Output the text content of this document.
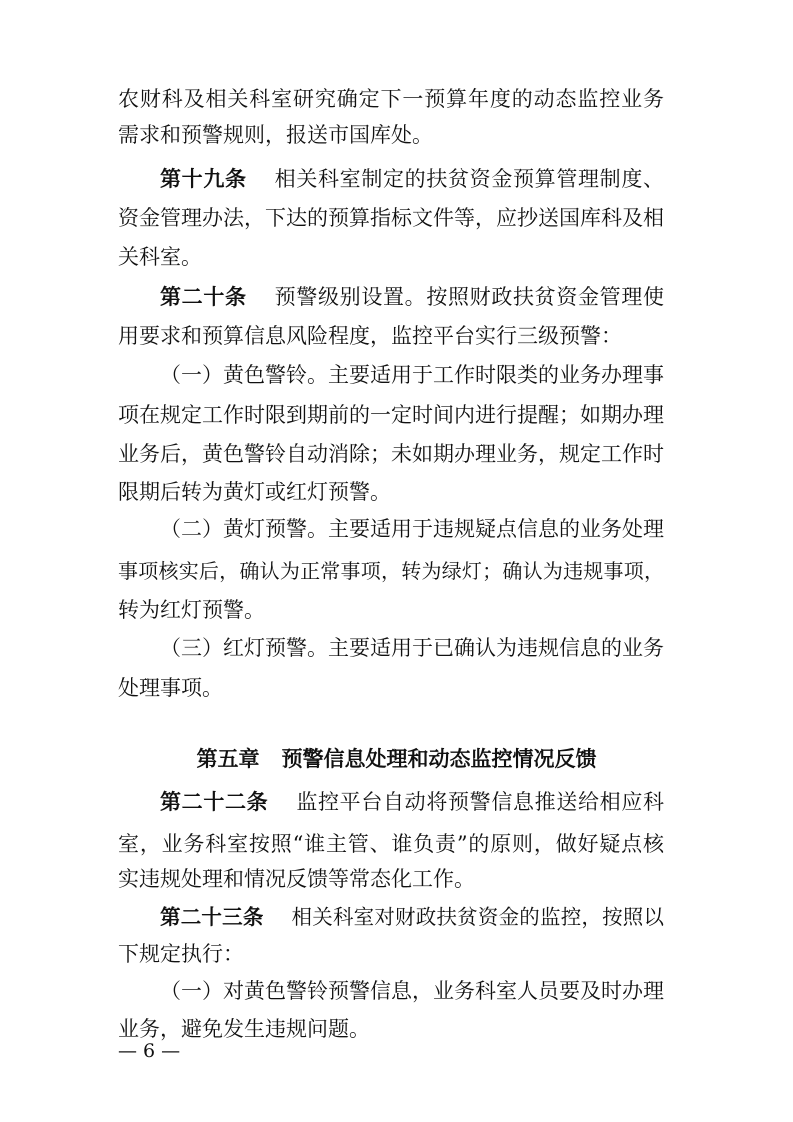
农财科及相关科室研究确定下一预算年度的动态监控业务
需求和预警规则，报送市国库处。
第十九条 相关科室制定的扶贫资金预算管理制度、
资金管理办法，下达的预算指标文件等，应抄送国库科及相
关科室。
第二十条 预警级别设置。按照财政扶贫资金管理使
用要求和预算信息风险程度，监控平台实行三级预警：
（一）黄色警铃。主要适用于工作时限类的业务办理事
项在规定工作时限到期前的一定时间内进行提醒；如期办理
业务后，黄色警铃自动消除；未如期办理业务，规定工作时
限期后转为黄灯或红灯预警。
（二）黄灯预警。主要适用于违规疑点信息的业务处理
事项核实后，确认为正常事项，转为绿灯；确认为违规事项，
转为红灯预警。
（三）红灯预警。主要适用于已确认为违规信息的业务
处理事项。
第五章 预警信息处理和动态监控情况反馈
第二十二条 监控平台自动将预警信息推送给相应科
室，业务科室按照“谁主管、谁负责”的原则，做好疑点核
实违规处理和情况反馈等常态化工作。
第二十三条 相关科室对财政扶贫资金的监控，按照以
下规定执行：
（一）对黄色警铃预警信息，业务科室人员要及时办理
业务，避免发生违规问题。
— 6 —
